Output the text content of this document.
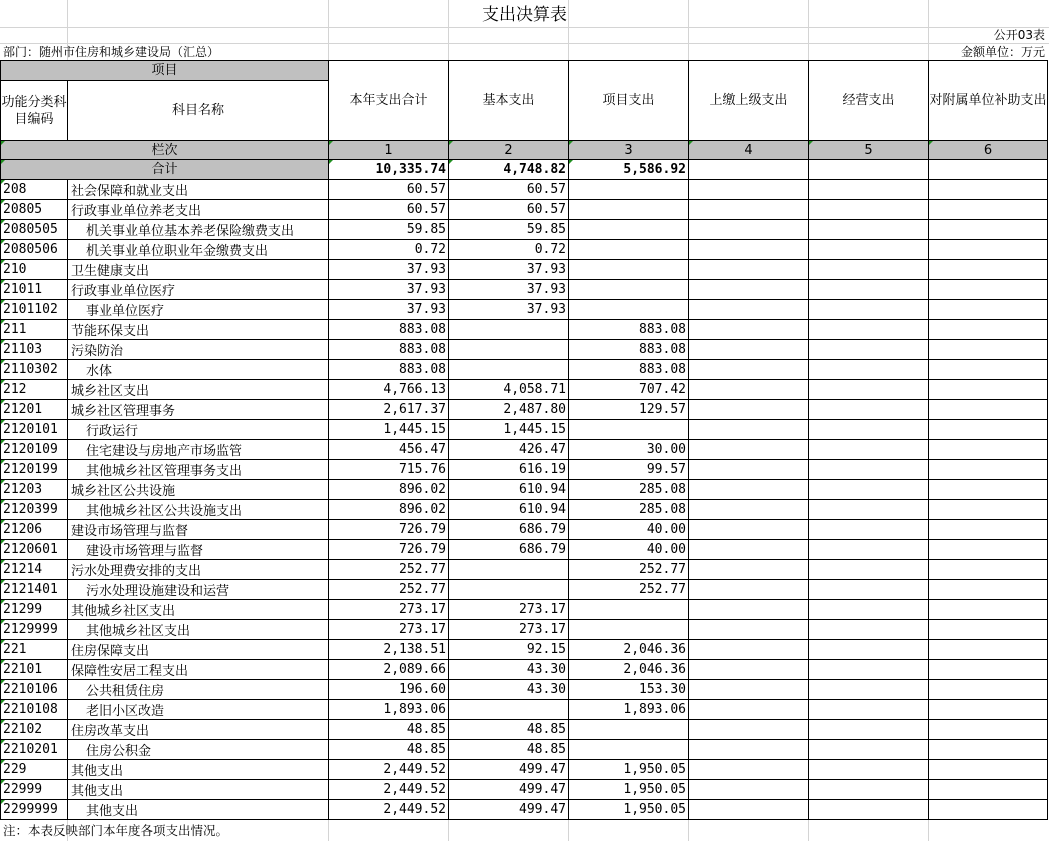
支出决算表
公开03表
部门：随州市住房和城乡建设局（汇总）	金额单位：万元
项目		本年支出合计	基本支出	项目支出	上缴上级支出	经营支出	对附属单位补助支出
功能分类科目编码	科目名称						
栏次		1	2	3	4	5	6
合计		10,335.74	4,748.82	5,586.92			
208	社会保障和就业支出	60.57	60.57				
20805	行政事业单位养老支出	60.57	60.57				
2080505	机关事业单位基本养老保险缴费支出	59.85	59.85				
2080506	机关事业单位职业年金缴费支出	0.72	0.72				
210	卫生健康支出	37.93	37.93				
21011	行政事业单位医疗	37.93	37.93				
2101102	事业单位医疗	37.93	37.93				
211	节能环保支出	883.08		883.08			
21103	污染防治	883.08		883.08			
2110302	水体	883.08		883.08			
212	城乡社区支出	4,766.13	4,058.71	707.42			
21201	城乡社区管理事务	2,617.37	2,487.80	129.57			
2120101	行政运行	1,445.15	1,445.15				
2120109	住宅建设与房地产市场监管	456.47	426.47	30.00			
2120199	其他城乡社区管理事务支出	715.76	616.19	99.57			
21203	城乡社区公共设施	896.02	610.94	285.08			
2120399	其他城乡社区公共设施支出	896.02	610.94	285.08			
21206	建设市场管理与监督	726.79	686.79	40.00			
2120601	建设市场管理与监督	726.79	686.79	40.00			
21214	污水处理费安排的支出	252.77		252.77			
2121401	污水处理设施建设和运营	252.77		252.77			
21299	其他城乡社区支出	273.17	273.17				
2129999	其他城乡社区支出	273.17	273.17				
221	住房保障支出	2,138.51	92.15	2,046.36			
22101	保障性安居工程支出	2,089.66	43.30	2,046.36			
2210106	公共租赁住房	196.60	43.30	153.30			
2210108	老旧小区改造	1,893.06		1,893.06			
22102	住房改革支出	48.85	48.85				
2210201	住房公积金	48.85	48.85				
229	其他支出	2,449.52	499.47	1,950.05			
22999	其他支出	2,449.52	499.47	1,950.05			
2299999	其他支出	2,449.52	499.47	1,950.05			
注：本表反映部门本年度各项支出情况。
